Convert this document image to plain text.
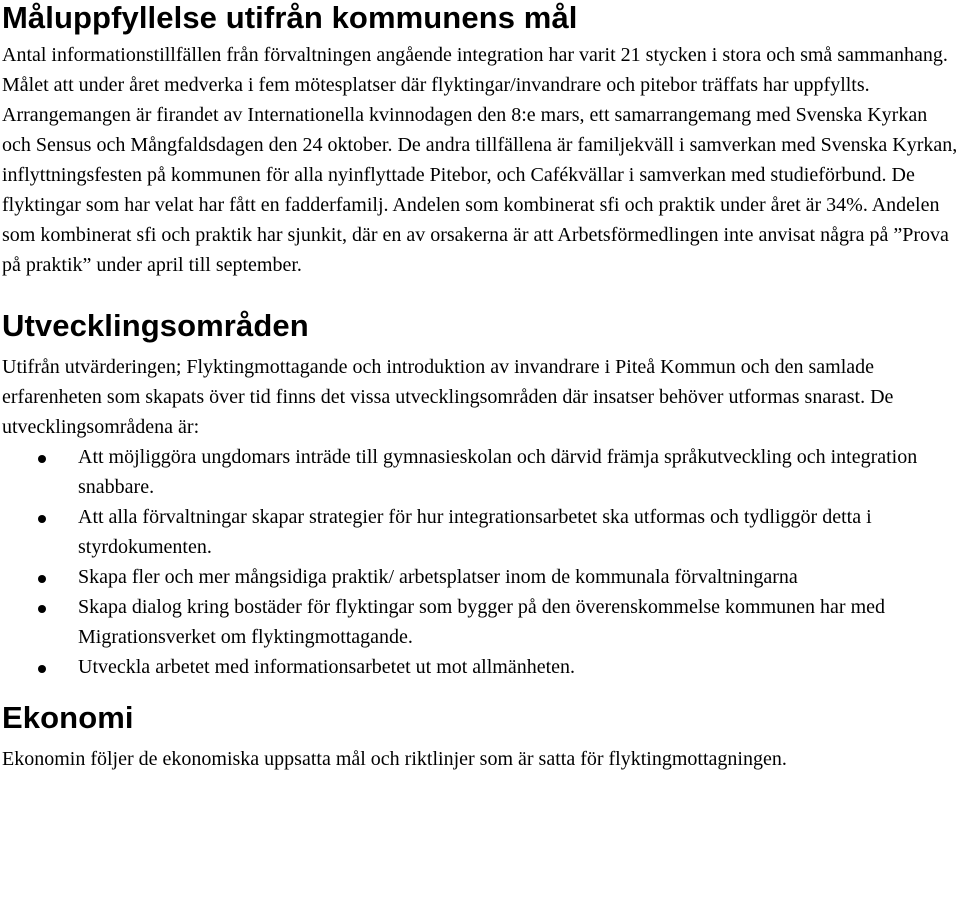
Måluppfyllelse utifrån kommunens mål

Antal informationstillfällen från förvaltningen angående integration har varit 21 stycken i stora och små sammanhang. Målet att under året medverka i fem mötesplatser där flyktingar/invandrare och pitebor träffats har uppfyllts. Arrangemangen är firandet av Internationella kvinnodagen den 8:e mars, ett samarrangemang med Svenska Kyrkan och Sensus och Mångfaldsdagen den 24 oktober. De andra tillfällena är familjekväll i samverkan med Svenska Kyrkan, inflyttningsfesten på kommunen för alla nyinflyttade Pitebor, och Cafékvällar i samverkan med studieförbund. De flyktingar som har velat har fått en fadderfamilj. Andelen som kombinerat sfi och praktik under året är 34%. Andelen som kombinerat sfi och praktik har sjunkit, där en av orsakerna är att Arbetsförmedlingen inte anvisat några på ”Prova på praktik” under april till september.

Utvecklingsområden

Utifrån utvärderingen; Flyktingmottagande och introduktion av invandrare i Piteå Kommun och den samlade erfarenheten som skapats över tid finns det vissa utvecklingsområden där insatser behöver utformas snarast. De utvecklingsområdena är:

Att möjliggöra ungdomars inträde till gymnasieskolan och därvid främja språkutveckling och integration snabbare.
Att alla förvaltningar skapar strategier för hur integrationsarbetet ska utformas och tydliggör detta i styrdokumenten.
Skapa fler och mer mångsidiga praktik/ arbetsplatser inom de kommunala förvaltningarna
Skapa dialog kring bostäder för flyktingar som bygger på den överenskommelse kommunen har med Migrationsverket om flyktingmottagande.
Utveckla arbetet med informationsarbetet ut mot allmänheten.
Ekonomi

Ekonomin följer de ekonomiska uppsatta mål och riktlinjer som är satta för flyktingmottagningen.
